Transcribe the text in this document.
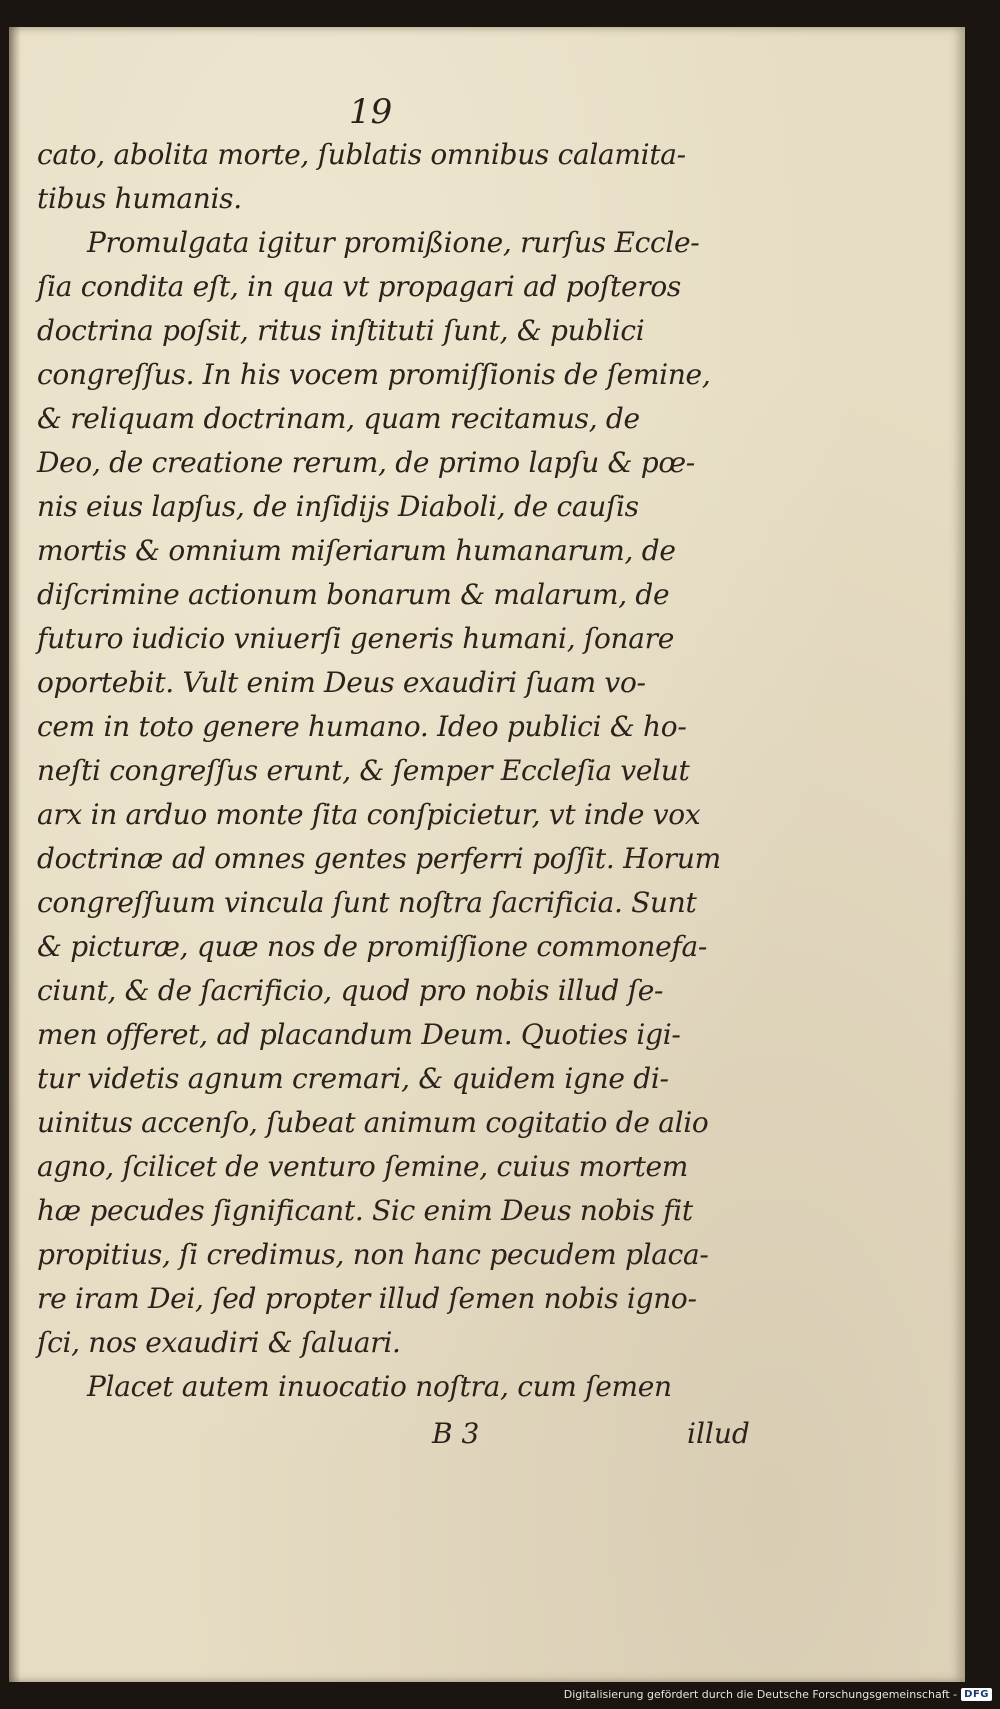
19
cato, abolita morte, ſublatis omnibus calamita-
tibus humanis.
Promulgata igitur promißione, rurſus Eccle-
ſia condita eſt, in qua vt propagari ad poſteros
doctrina poſsit, ritus inſtituti ſunt, & publici
congreſſus. In his vocem promiſſionis de ſemine,
& reliquam doctrinam, quam recitamus, de
Deo, de creatione rerum, de primo lapſu & pœ-
nis eius lapſus, de inſidijs Diaboli, de cauſis
mortis & omnium miſeriarum humanarum, de
diſcrimine actionum bonarum & malarum, de
futuro iudicio vniuerſi generis humani, ſonare
oportebit. Vult enim Deus exaudiri ſuam vo-
cem in toto genere humano. Ideo publici & ho-
neſti congreſſus erunt, & ſemper Eccleſia velut
arx in arduo monte ſita conſpicietur, vt inde vox
doctrinæ ad omnes gentes perferri poſſit. Horum
congreſſuum vincula ſunt noſtra ſacrificia. Sunt
& picturæ, quæ nos de promiſſione commonefa-
ciunt, & de ſacrificio, quod pro nobis illud ſe-
men offeret, ad placandum Deum. Quoties igi-
tur videtis agnum cremari, & quidem igne di-
uinitus accenſo, ſubeat animum cogitatio de alio
agno, ſcilicet de venturo ſemine, cuius mortem
hæ pecudes ſignificant. Sic enim Deus nobis fit
propitius, ſi credimus, non hanc pecudem placa-
re iram Dei, ſed propter illud ſemen nobis igno-
ſci, nos exaudiri & ſaluari.
Placet autem inuocatio noſtra, cum ſemen
B 3	illud
Digitalisierung gefördert durch die Deutsche Forschungsgemeinschaft - DFG
